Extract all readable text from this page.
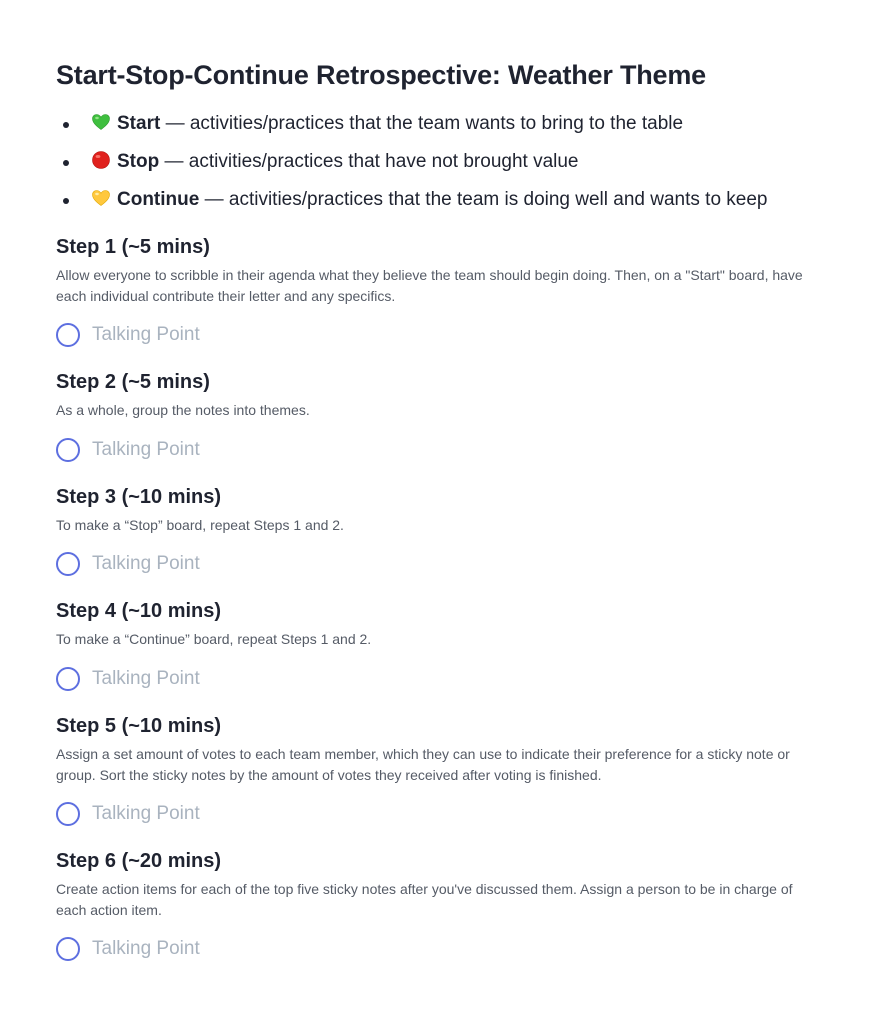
Start-Stop-Continue Retrospective: Weather Theme
Start — activities/practices that the team wants to bring to the table
Stop — activities/practices that have not brought value
Continue — activities/practices that the team is doing well and wants to keep
Step 1 (~5 mins)

Allow everyone to scribble in their agenda what they believe the team should begin doing. Then, on a "Start" board, have each individual contribute their letter and any specifics.

Talking Point
Step 2 (~5 mins)

As a whole, group the notes into themes.

Talking Point
Step 3 (~10 mins)

To make a “Stop” board, repeat Steps 1 and 2.

Talking Point
Step 4 (~10 mins)

To make a “Continue” board, repeat Steps 1 and 2.

Talking Point
Step 5 (~10 mins)

Assign a set amount of votes to each team member, which they can use to indicate their preference for a sticky note or group. Sort the sticky notes by the amount of votes they received after voting is finished.

Talking Point
Step 6 (~20 mins)

Create action items for each of the top five sticky notes after you've discussed them. Assign a person to be in charge of each action item.

Talking Point
